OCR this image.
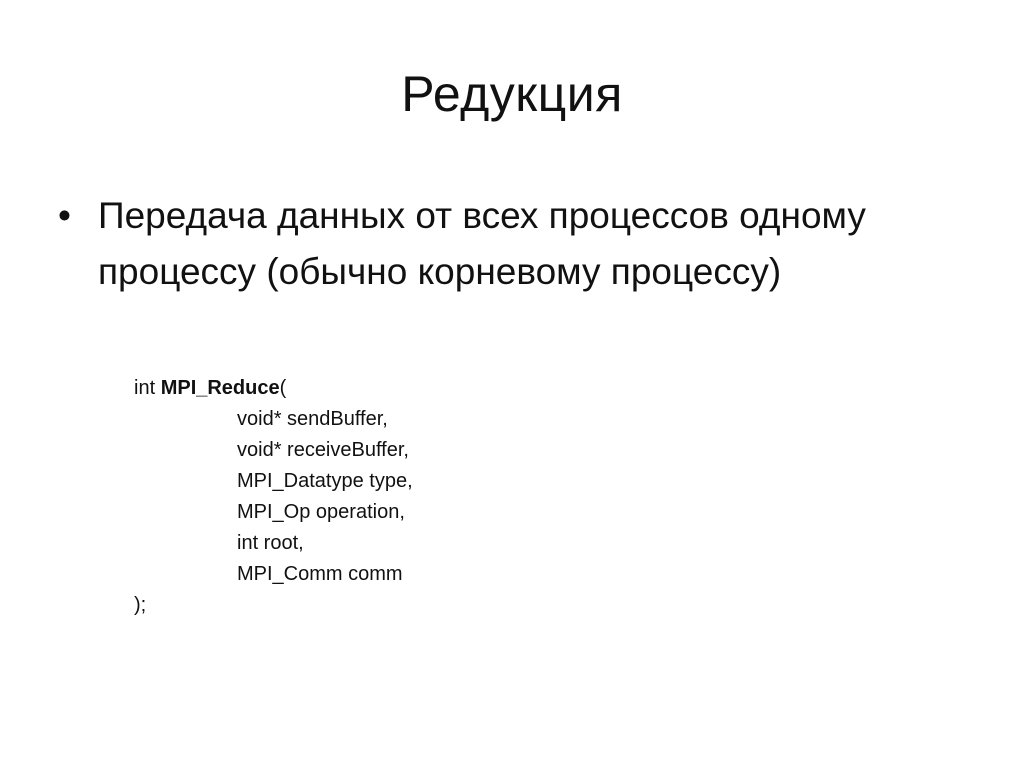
Редукция
• Передача данных от всех процессов одному процессу (обычно корневому процессу)
int MPI_Reduce(
void* sendBuffer,
void* receiveBuffer,
MPI_Datatype type,
MPI_Op operation,
int root,
MPI_Comm comm
);
